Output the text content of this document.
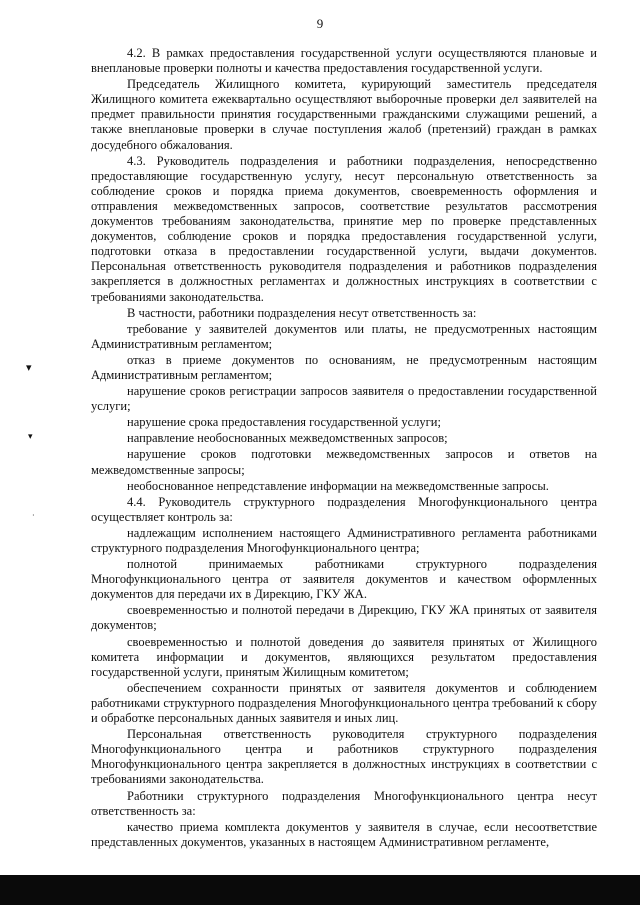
9

4.2. В рамках предоставления государственной услуги осуществляются плановые и внеплановые проверки полноты и качества предоставления государственной услуги.

Председатель Жилищного комитета, курирующий заместитель председателя Жилищного комитета ежеквартально осуществляют выборочные проверки дел заявителей на предмет правильности принятия государственными гражданскими служащими решений, а также внеплановые проверки в случае поступления жалоб (претензий) граждан в рамках досудебного обжалования.

4.3. Руководитель подразделения и работники подразделения, непосредственно предоставляющие государственную услугу, несут персональную ответственность за соблюдение сроков и порядка приема документов, своевременность оформления и отправления межведомственных запросов, соответствие результатов рассмотрения документов требованиям законодательства, принятие мер по проверке представленных документов, соблюдение сроков и порядка предоставления государственной услуги, подготовки отказа в предоставлении государственной услуги, выдачи документов. Персональная ответственность руководителя подразделения и работников подразделения закрепляется в должностных регламентах и должностных инструкциях в соответствии с требованиями законодательства.

В частности, работники подразделения несут ответственность за:

требование у заявителей документов или платы, не предусмотренных настоящим Административным регламентом;

отказ в приеме документов по основаниям, не предусмотренным настоящим Административным регламентом;

нарушение сроков регистрации запросов заявителя о предоставлении государственной услуги;

нарушение срока предоставления государственной услуги;

направление необоснованных межведомственных запросов;

нарушение сроков подготовки межведомственных запросов и ответов на межведомственные запросы;

необоснованное непредставление информации на межведомственные запросы.

4.4. Руководитель структурного подразделения Многофункционального центра осуществляет контроль за:

надлежащим исполнением настоящего Административного регламента работниками структурного подразделения Многофункционального центра;

полнотой принимаемых работниками структурного подразделения Многофункционального центра от заявителя документов и качеством оформленных документов для передачи их в Дирекцию, ГКУ ЖА.

своевременностью и полнотой передачи в Дирекцию, ГКУ ЖА принятых от заявителя документов;

своевременностью и полнотой доведения до заявителя принятых от Жилищного комитета информации и документов, являющихся результатом предоставления государственной услуги, принятым Жилищным комитетом;

обеспечением сохранности принятых от заявителя документов и соблюдением работниками структурного подразделения Многофункционального центра требований к сбору и обработке персональных данных заявителя и иных лиц.

Персональная ответственность руководителя структурного подразделения Многофункционального центра и работников структурного подразделения Многофункционального центра закрепляется в должностных инструкциях в соответствии с требованиями законодательства.

Работники структурного подразделения Многофункционального центра несут ответственность за:

качество приема комплекта документов у заявителя в случае, если несоответствие представленных документов, указанных в настоящем Административном регламенте,

▾
▾
·
